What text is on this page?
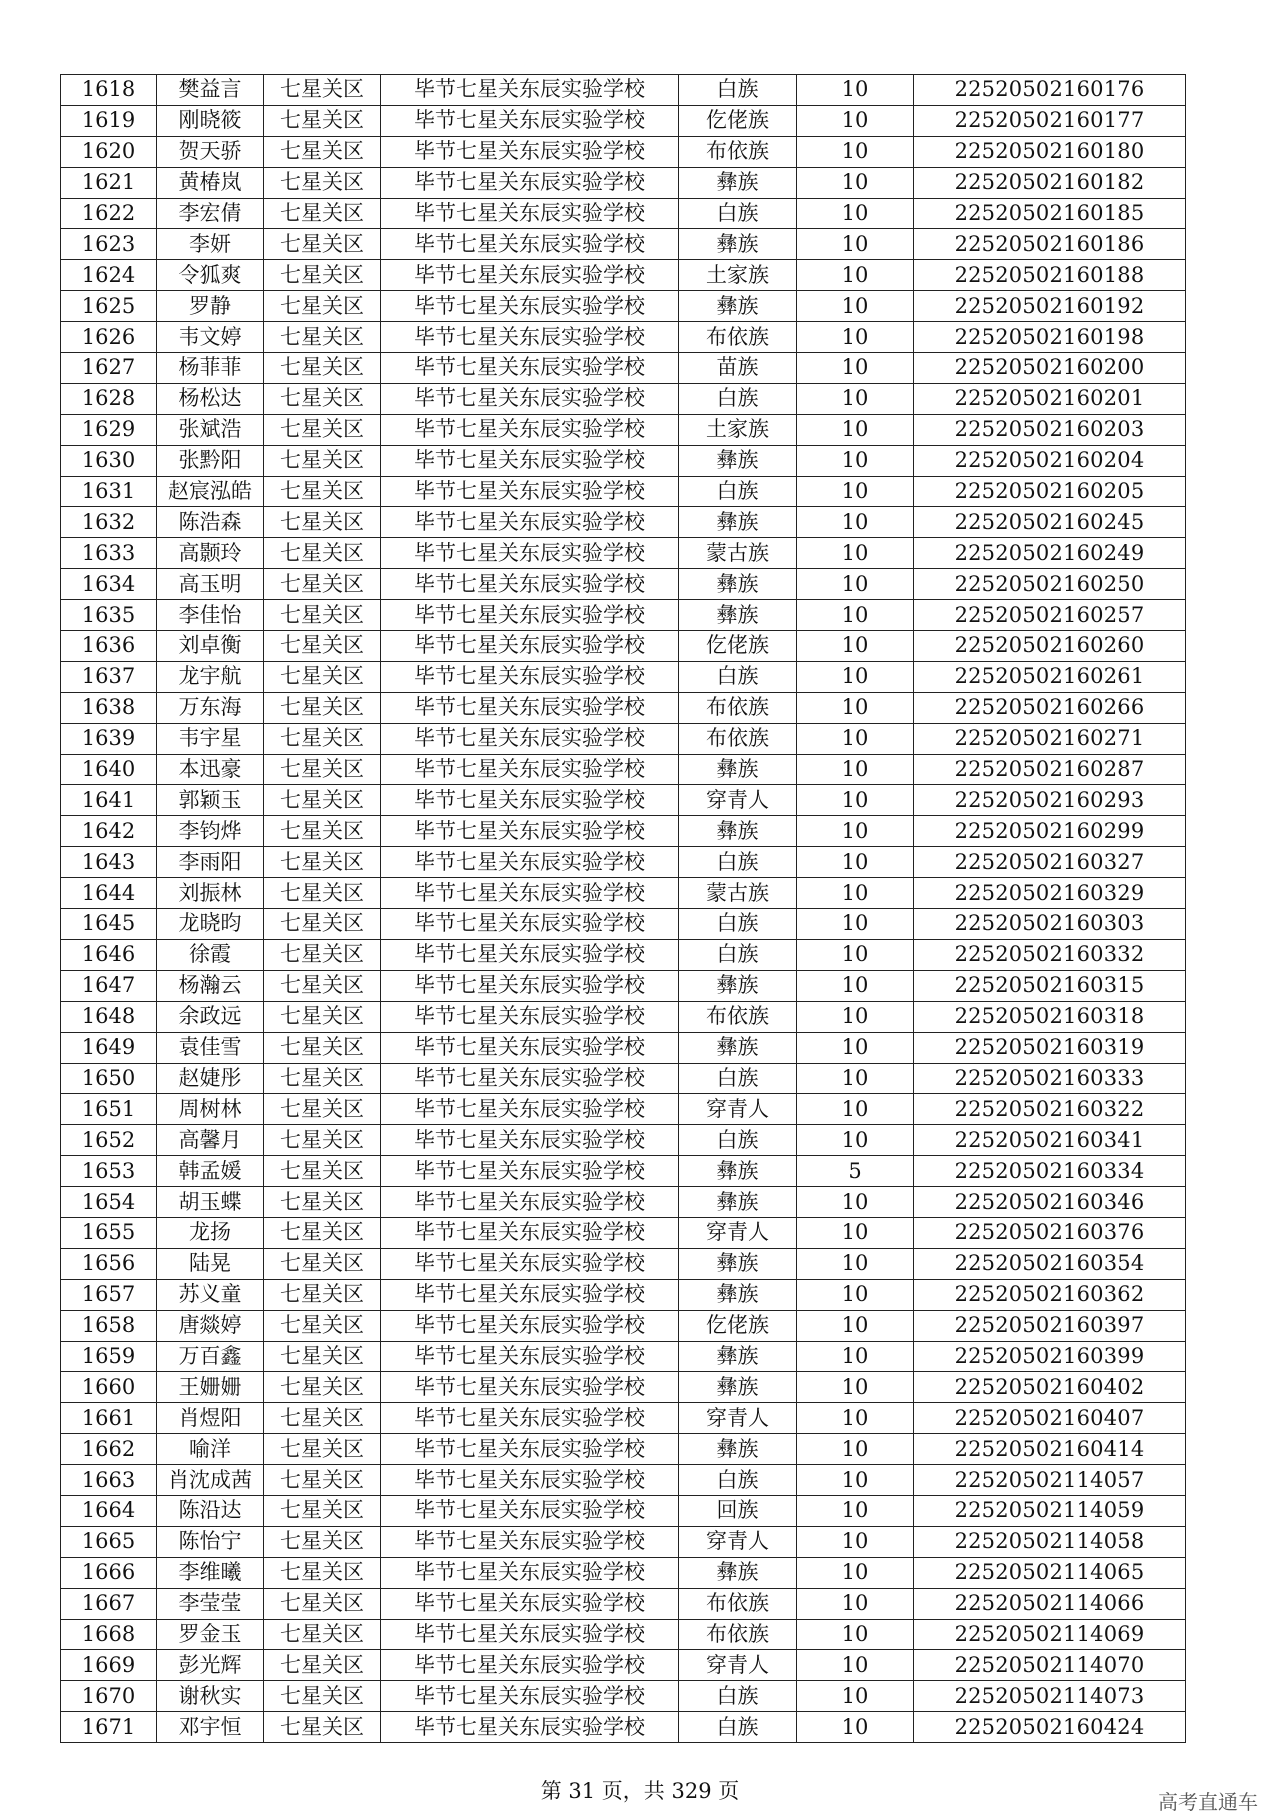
1618	樊益言	七星关区	毕节七星关东辰实验学校	白族	10	22520502160176
1619	刚晓筱	七星关区	毕节七星关东辰实验学校	仡佬族	10	22520502160177
1620	贺天骄	七星关区	毕节七星关东辰实验学校	布依族	10	22520502160180
1621	黄椿岚	七星关区	毕节七星关东辰实验学校	彝族	10	22520502160182
1622	李宏倩	七星关区	毕节七星关东辰实验学校	白族	10	22520502160185
1623	李妍	七星关区	毕节七星关东辰实验学校	彝族	10	22520502160186
1624	令狐爽	七星关区	毕节七星关东辰实验学校	土家族	10	22520502160188
1625	罗静	七星关区	毕节七星关东辰实验学校	彝族	10	22520502160192
1626	韦文婷	七星关区	毕节七星关东辰实验学校	布依族	10	22520502160198
1627	杨菲菲	七星关区	毕节七星关东辰实验学校	苗族	10	22520502160200
1628	杨松达	七星关区	毕节七星关东辰实验学校	白族	10	22520502160201
1629	张斌浩	七星关区	毕节七星关东辰实验学校	土家族	10	22520502160203
1630	张黔阳	七星关区	毕节七星关东辰实验学校	彝族	10	22520502160204
1631	赵宸泓皓	七星关区	毕节七星关东辰实验学校	白族	10	22520502160205
1632	陈浩森	七星关区	毕节七星关东辰实验学校	彝族	10	22520502160245
1633	高颢玲	七星关区	毕节七星关东辰实验学校	蒙古族	10	22520502160249
1634	高玉明	七星关区	毕节七星关东辰实验学校	彝族	10	22520502160250
1635	李佳怡	七星关区	毕节七星关东辰实验学校	彝族	10	22520502160257
1636	刘卓衡	七星关区	毕节七星关东辰实验学校	仡佬族	10	22520502160260
1637	龙宇航	七星关区	毕节七星关东辰实验学校	白族	10	22520502160261
1638	万东海	七星关区	毕节七星关东辰实验学校	布依族	10	22520502160266
1639	韦宇星	七星关区	毕节七星关东辰实验学校	布依族	10	22520502160271
1640	本迅豪	七星关区	毕节七星关东辰实验学校	彝族	10	22520502160287
1641	郭颖玉	七星关区	毕节七星关东辰实验学校	穿青人	10	22520502160293
1642	李钧烨	七星关区	毕节七星关东辰实验学校	彝族	10	22520502160299
1643	李雨阳	七星关区	毕节七星关东辰实验学校	白族	10	22520502160327
1644	刘振林	七星关区	毕节七星关东辰实验学校	蒙古族	10	22520502160329
1645	龙晓昀	七星关区	毕节七星关东辰实验学校	白族	10	22520502160303
1646	徐霞	七星关区	毕节七星关东辰实验学校	白族	10	22520502160332
1647	杨瀚云	七星关区	毕节七星关东辰实验学校	彝族	10	22520502160315
1648	余政远	七星关区	毕节七星关东辰实验学校	布依族	10	22520502160318
1649	袁佳雪	七星关区	毕节七星关东辰实验学校	彝族	10	22520502160319
1650	赵婕彤	七星关区	毕节七星关东辰实验学校	白族	10	22520502160333
1651	周树林	七星关区	毕节七星关东辰实验学校	穿青人	10	22520502160322
1652	高馨月	七星关区	毕节七星关东辰实验学校	白族	10	22520502160341
1653	韩孟媛	七星关区	毕节七星关东辰实验学校	彝族	5	22520502160334
1654	胡玉蝶	七星关区	毕节七星关东辰实验学校	彝族	10	22520502160346
1655	龙扬	七星关区	毕节七星关东辰实验学校	穿青人	10	22520502160376
1656	陆晃	七星关区	毕节七星关东辰实验学校	彝族	10	22520502160354
1657	苏义童	七星关区	毕节七星关东辰实验学校	彝族	10	22520502160362
1658	唐燚婷	七星关区	毕节七星关东辰实验学校	仡佬族	10	22520502160397
1659	万百鑫	七星关区	毕节七星关东辰实验学校	彝族	10	22520502160399
1660	王姗姗	七星关区	毕节七星关东辰实验学校	彝族	10	22520502160402
1661	肖煜阳	七星关区	毕节七星关东辰实验学校	穿青人	10	22520502160407
1662	喻洋	七星关区	毕节七星关东辰实验学校	彝族	10	22520502160414
1663	肖沈成茜	七星关区	毕节七星关东辰实验学校	白族	10	22520502114057
1664	陈沿达	七星关区	毕节七星关东辰实验学校	回族	10	22520502114059
1665	陈怡宁	七星关区	毕节七星关东辰实验学校	穿青人	10	22520502114058
1666	李维曦	七星关区	毕节七星关东辰实验学校	彝族	10	22520502114065
1667	李莹莹	七星关区	毕节七星关东辰实验学校	布依族	10	22520502114066
1668	罗金玉	七星关区	毕节七星关东辰实验学校	布依族	10	22520502114069
1669	彭光辉	七星关区	毕节七星关东辰实验学校	穿青人	10	22520502114070
1670	谢秋实	七星关区	毕节七星关东辰实验学校	白族	10	22520502114073
1671	邓宇恒	七星关区	毕节七星关东辰实验学校	白族	10	22520502160424
第 31 页，共 329 页	高考直通车
